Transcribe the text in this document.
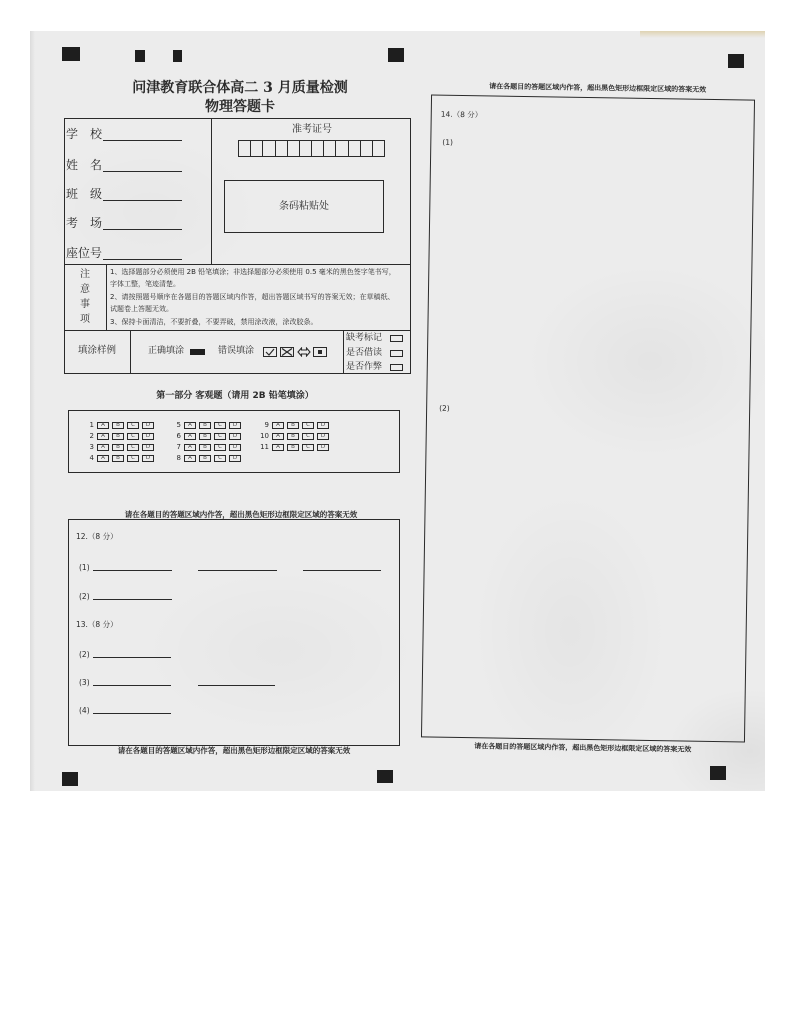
问津教育联合体高二 3 月质量检测
物理答题卡
学　校
姓　名
班　级
考　场
座位号
准考证号
条码粘贴处
注
意
事
项
1、选择题部分必须使用 2B 铅笔填涂；非选择题部分必须使用 0.5 毫米的黑色签字笔书写，
字体工整，笔迹清楚。
2、请按照题号顺序在各题目的答题区域内作答，超出答题区域书写的答案无效；在草稿纸、
试题卷上答题无效。
3、保持卡面清洁，不要折叠，不要弄破，禁用涂改液，涂改胶条。
填涂样例	正确填涂	错误填涂
缺考标记
是否借读
是否作弊
第一部分 客观题（请用 2B 铅笔填涂）
1	A	B	C	D
2	A	B	C	D
3	A	B	C	D
4	A	B	C	D
5	A	B	C	D
6	A	B	C	D
7	A	B	C	D
8	A	B	C	D
9	A	B	C	D
10	A	B	C	D
11	A	B	C	D
请在各题目的答题区域内作答，超出黑色矩形边框限定区域的答案无效
12.（8 分）
(1)
(2)
13.（8 分）
(2)
(3)
(4)
请在各题目的答题区域内作答，超出黑色矩形边框限定区域的答案无效
请在各题目的答题区域内作答，超出黑色矩形边框限定区域的答案无效
14.（8 分）
(1)
(2)
请在各题目的答题区域内作答，超出黑色矩形边框限定区域的答案无效
